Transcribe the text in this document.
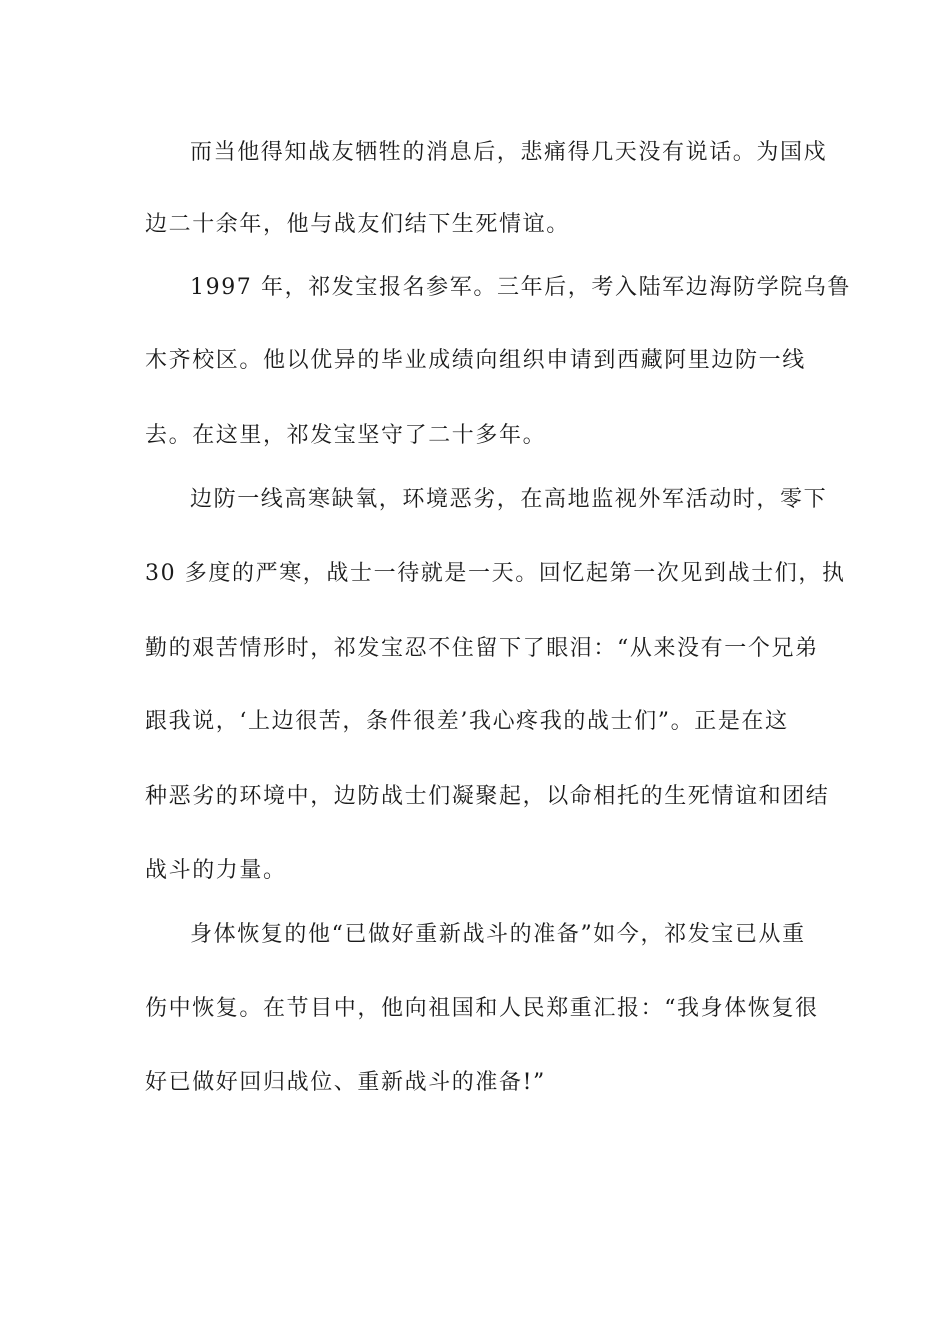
而当他得知战友牺牲的消息后，悲痛得几天没有说话。为国戍
边二十余年，他与战友们结下生死情谊。
1997 年，祁发宝报名参军。三年后，考入陆军边海防学院乌鲁
木齐校区。他以优异的毕业成绩向组织申请到西藏阿里边防一线
去。在这里，祁发宝坚守了二十多年。
边防一线高寒缺氧，环境恶劣，在高地监视外军活动时，零下
30 多度的严寒，战士一待就是一天。回忆起第一次见到战士们，执
勤的艰苦情形时，祁发宝忍不住留下了眼泪：“从来没有一个兄弟
跟我说，‘上边很苦，条件很差’我心疼我的战士们”。正是在这
种恶劣的环境中，边防战士们凝聚起，以命相托的生死情谊和团结
战斗的力量。
身体恢复的他“已做好重新战斗的准备”如今，祁发宝已从重
伤中恢复。在节目中，他向祖国和人民郑重汇报：“我身体恢复很
好已做好回归战位、重新战斗的准备!”
